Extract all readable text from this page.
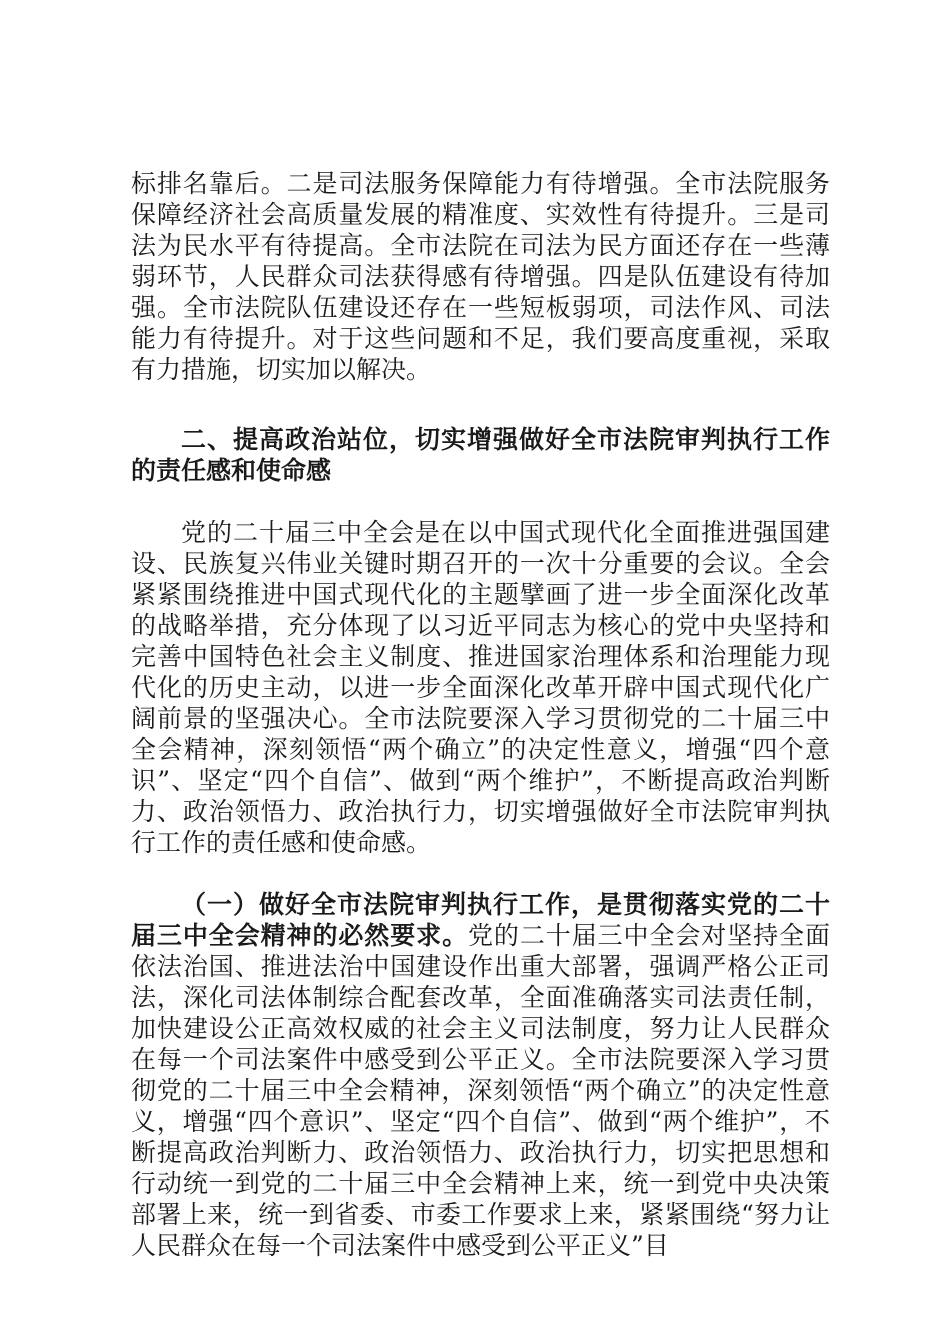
标排名靠后。二是司法服务保障能力有待增强。全市法院服务保障经济社会高质量发展的精准度、实效性有待提升。三是司法为民水平有待提高。全市法院在司法为民方面还存在一些薄弱环节，人民群众司法获得感有待增强。四是队伍建设有待加强。全市法院队伍建设还存在一些短板弱项，司法作风、司法能力有待提升。对于这些问题和不足，我们要高度重视，采取有力措施，切实加以解决。

二、提高政治站位，切实增强做好全市法院审判执行工作的责任感和使命感

党的二十届三中全会是在以中国式现代化全面推进强国建设、民族复兴伟业关键时期召开的一次十分重要的会议。全会紧紧围绕推进中国式现代化的主题擘画了进一步全面深化改革的战略举措，充分体现了以习近平同志为核心的党中央坚持和完善中国特色社会主义制度、推进国家治理体系和治理能力现代化的历史主动，以进一步全面深化改革开辟中国式现代化广阔前景的坚强决心。全市法院要深入学习贯彻党的二十届三中全会精神，深刻领悟“两个确立”的决定性意义，增强“四个意识”、坚定“四个自信”、做到“两个维护”，不断提高政治判断力、政治领悟力、政治执行力，切实增强做好全市法院审判执行工作的责任感和使命感。

（一）做好全市法院审判执行工作，是贯彻落实党的二十届三中全会精神的必然要求。党的二十届三中全会对坚持全面依法治国、推进法治中国建设作出重大部署，强调严格公正司法，深化司法体制综合配套改革，全面准确落实司法责任制，加快建设公正高效权威的社会主义司法制度，努力让人民群众在每一个司法案件中感受到公平正义。全市法院要深入学习贯彻党的二十届三中全会精神，深刻领悟“两个确立”的决定性意义，增强“四个意识”、坚定“四个自信”、做到“两个维护”，不断提高政治判断力、政治领悟力、政治执行力，切实把思想和行动统一到党的二十届三中全会精神上来，统一到党中央决策部署上来，统一到省委、市委工作要求上来，紧紧围绕“努力让人民群众在每一个司法案件中感受到公平正义”目
